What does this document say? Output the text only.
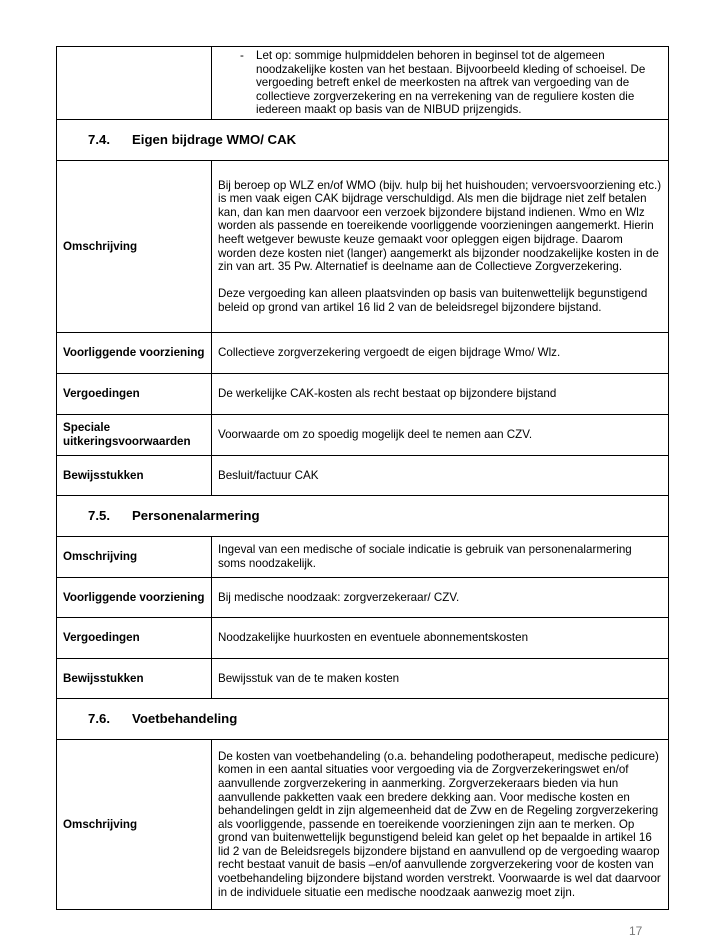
	- Let op: sommige hulpmiddelen behoren in beginsel tot de algemeen noodzakelijke kosten van het bestaan. Bijvoorbeeld kleding of schoeisel. De vergoeding betreft enkel de meerkosten na aftrek van vergoeding van de collectieve zorgverzekering en na verrekening van de reguliere kosten die iedereen maakt op basis van de NIBUD prijzengids.

7.4. Eigen bijdrage WMO/ CAK	
Omschrijving	Bij beroep op WLZ en/of WMO (bijv. hulp bij het huishouden; vervoersvoorziening etc.) is men vaak eigen CAK bijdrage verschuldigd. Als men die bijdrage niet zelf betalen kan, dan kan men daarvoor een verzoek bijzondere bijstand indienen. Wmo en Wlz worden als passende en toereikende voorliggende voorzieningen aangemerkt. Hierin heeft wetgever bewuste keuze gemaakt voor opleggen eigen bijdrage. Daarom worden deze kosten niet (langer) aangemerkt als bijzonder noodzakelijke kosten in de zin van art. 35 Pw. Alternatief is deelname aan de Collectieve Zorgverzekering.

Deze vergoeding kan alleen plaatsvinden op basis van buitenwettelijk begunstigend beleid op grond van artikel 16 lid 2 van de beleidsregel bijzondere bijstand.

Voorliggende voorziening	Collectieve zorgverzekering vergoedt de eigen bijdrage Wmo/ Wlz.
Vergoedingen	De werkelijke CAK-kosten als recht bestaat op bijzondere bijstand
Speciale uitkeringsvoorwaarden	Voorwaarde om zo spoedig mogelijk deel te nemen aan CZV.
Bewijsstukken	Besluit/factuur CAK
7.5. Personenalarmering	
Omschrijving	Ingeval van een medische of sociale indicatie is gebruik van personenalarmering soms noodzakelijk.
Voorliggende voorziening	Bij medische noodzaak: zorgverzekeraar/ CZV.
Vergoedingen	Noodzakelijke huurkosten en eventuele abonnementskosten
Bewijsstukken	Bewijsstuk van de te maken kosten
7.6. Voetbehandeling	
Omschrijving	De kosten van voetbehandeling (o.a. behandeling podotherapeut, medische pedicure) komen in een aantal situaties voor vergoeding via de Zorgverzekeringswet en/of aanvullende zorgverzekering in aanmerking. Zorgverzekeraars bieden via hun aanvullende pakketten vaak een bredere dekking aan. Voor medische kosten en behandelingen geldt in zijn algemeenheid dat de Zvw en de Regeling zorgverzekering als voorliggende, passende en toereikende voorzieningen zijn aan te merken. Op grond van buitenwettelijk begunstigend beleid kan gelet op het bepaalde in artikel 16 lid 2 van de Beleidsregels bijzondere bijstand en aanvullend op de vergoeding waarop recht bestaat vanuit de basis –en/of aanvullende zorgverzekering voor de kosten van voetbehandeling bijzondere bijstand worden verstrekt. Voorwaarde is wel dat daarvoor in de individuele situatie een medische noodzaak aanwezig moet zijn.
17
